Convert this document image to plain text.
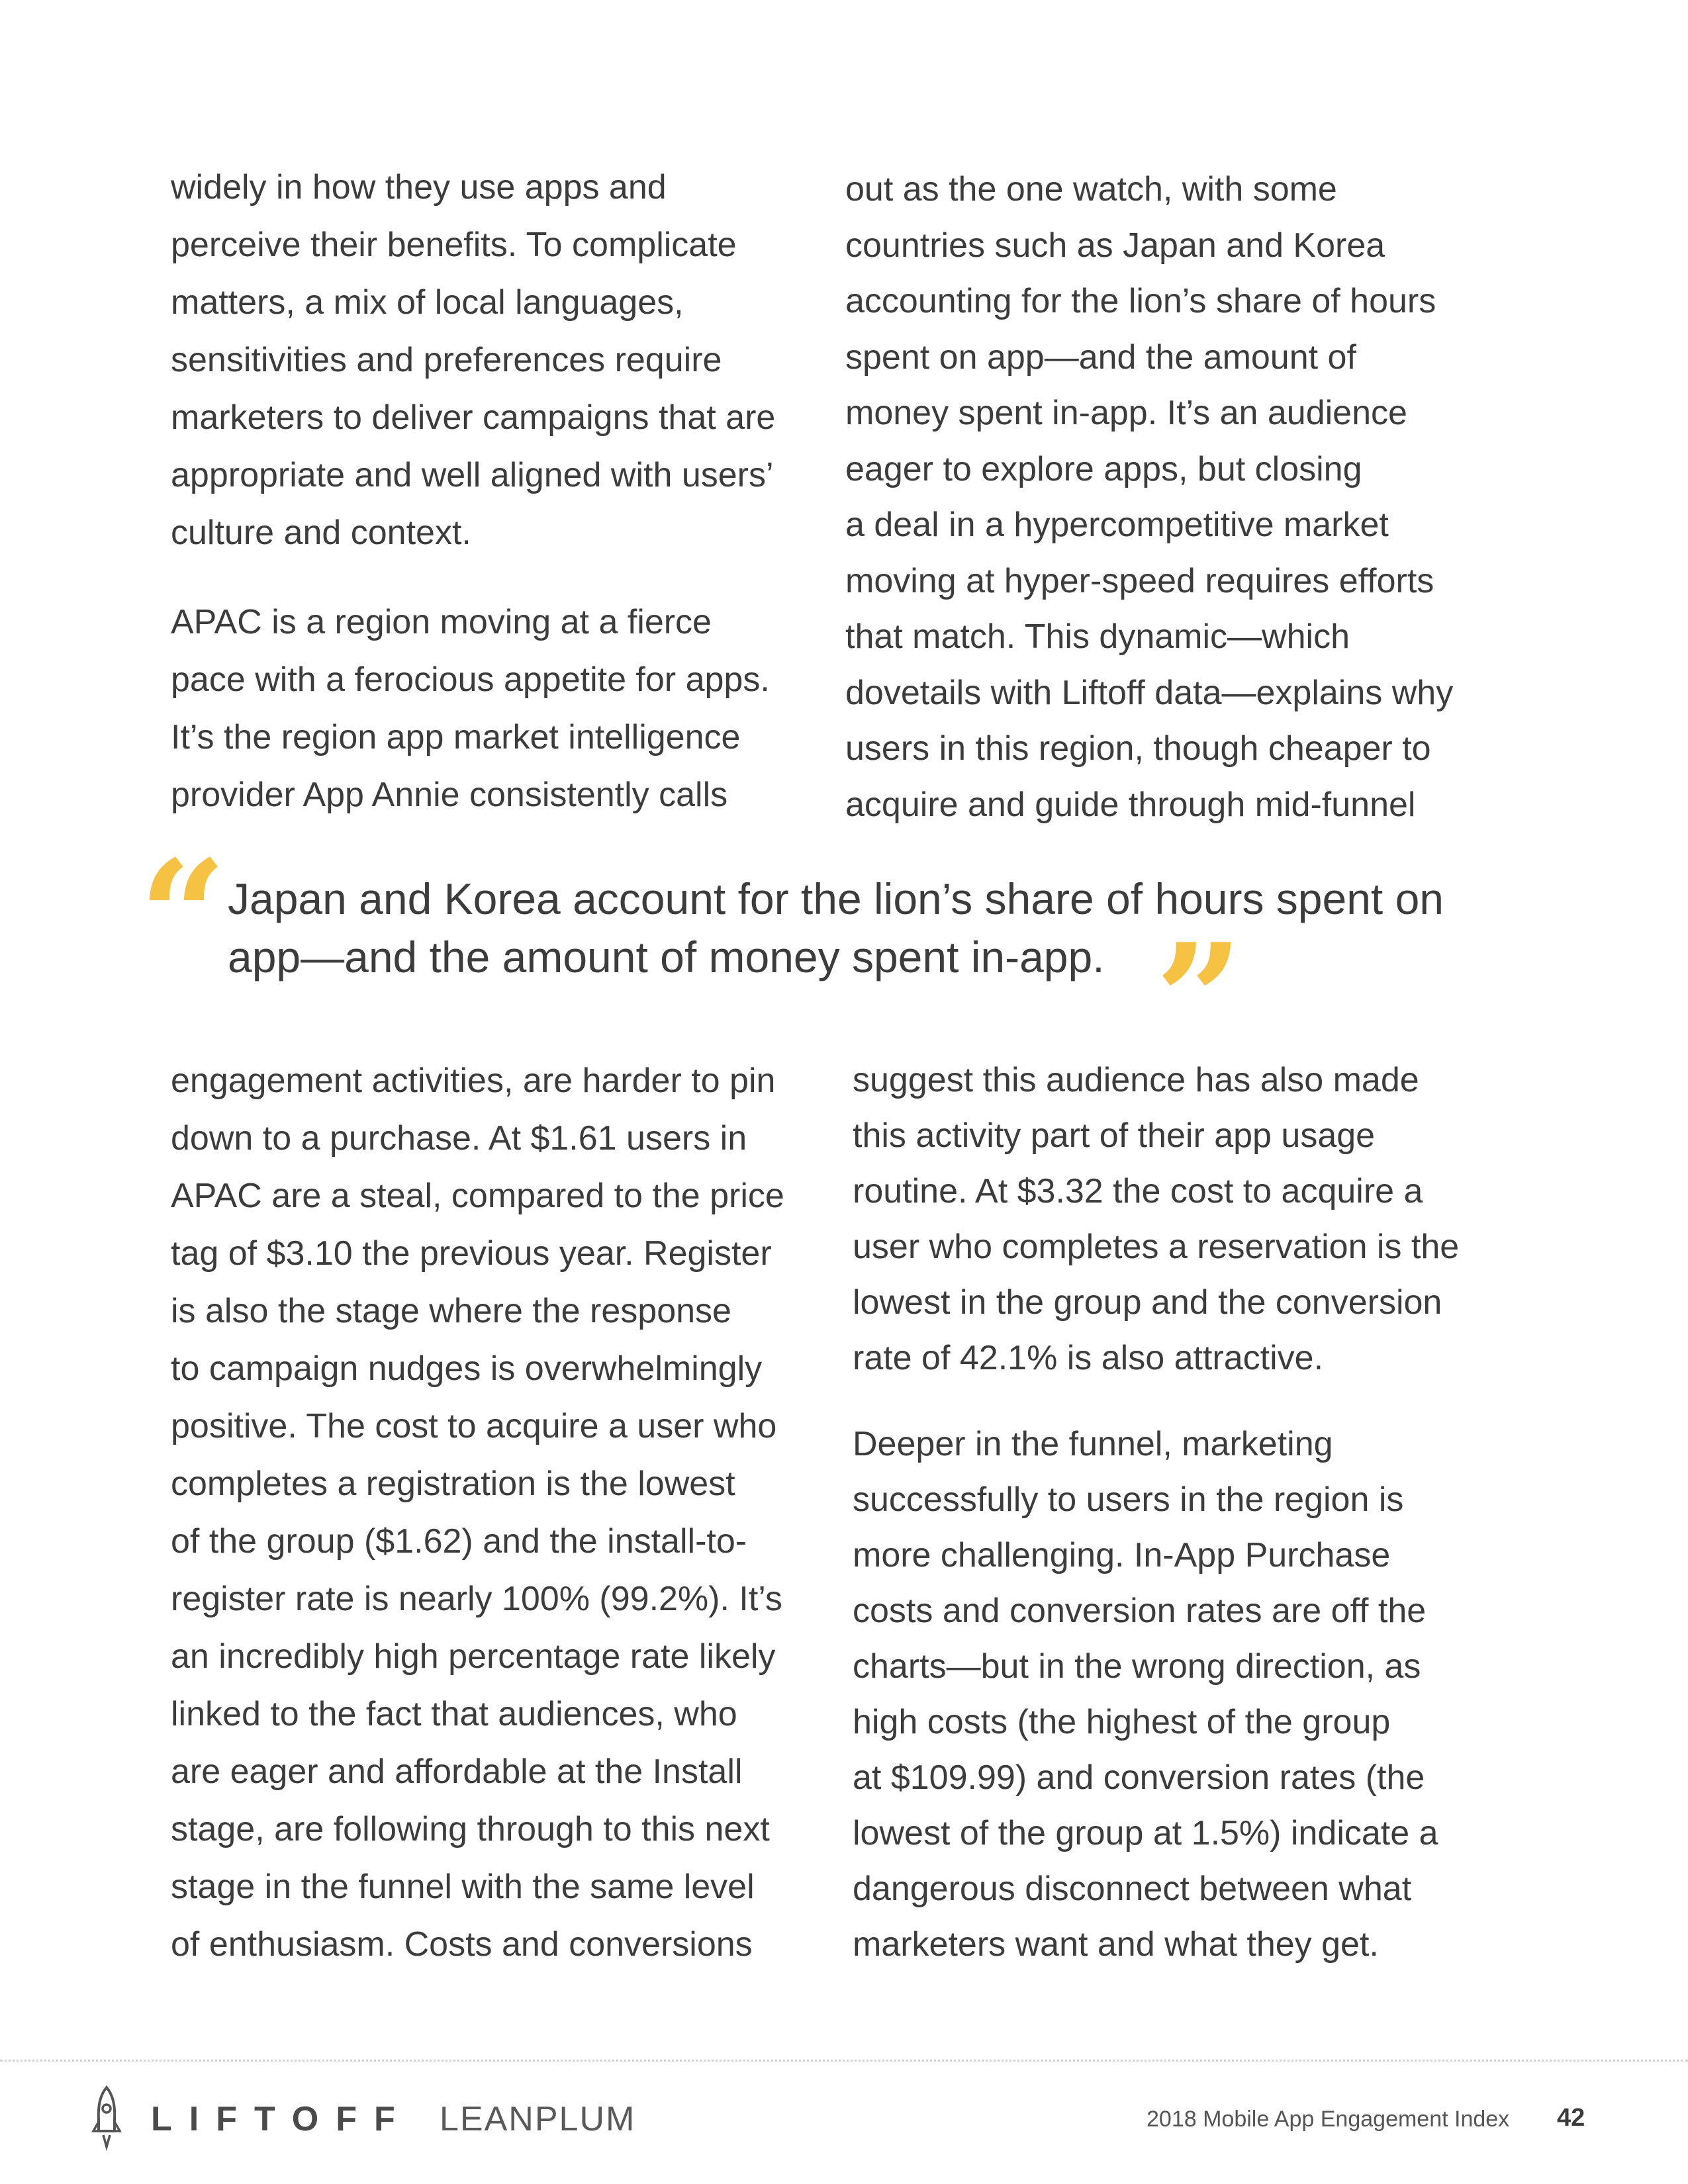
widely in how they use apps and
perceive their benefits. To complicate
matters, a mix of local languages,
sensitivities and preferences require
marketers to deliver campaigns that are
appropriate and well aligned with users’
culture and context.

APAC is a region moving at a fierce
pace with a ferocious appetite for apps.
It’s the region app market intelligence
provider App Annie consistently calls

out as the one watch, with some
countries such as Japan and Korea
accounting for the lion’s share of hours
spent on app—and the amount of
money spent in-app. It’s an audience
eager to explore apps, but closing
a deal in a hypercompetitive market
moving at hyper-speed requires efforts
that match. This dynamic—which
dovetails with Liftoff data—explains why
users in this region, though cheaper to
acquire and guide through mid-funnel

“ Japan and Korea account for the lion’s share of hours spent on
app—and the amount of money spent in-app. ”

engagement activities, are harder to pin
down to a purchase. At $1.61 users in
APAC are a steal, compared to the price
tag of $3.10 the previous year. Register
is also the stage where the response
to campaign nudges is overwhelmingly
positive. The cost to acquire a user who
completes a registration is the lowest
of the group ($1.62) and the install-to-
register rate is nearly 100% (99.2%). It’s
an incredibly high percentage rate likely
linked to the fact that audiences, who
are eager and affordable at the Install
stage, are following through to this next
stage in the funnel with the same level
of enthusiasm. Costs and conversions

suggest this audience has also made
this activity part of their app usage
routine. At $3.32 the cost to acquire a
user who completes a reservation is the
lowest in the group and the conversion
rate of 42.1% is also attractive.

Deeper in the funnel, marketing
successfully to users in the region is
more challenging. In-App Purchase
costs and conversion rates are off the
charts—but in the wrong direction, as
high costs (the highest of the group
at $109.99) and conversion rates (the
lowest of the group at 1.5%) indicate a
dangerous disconnect between what
marketers want and what they get.

LIFTOFF LEANPLUM	2018 Mobile App Engagement Index 42
